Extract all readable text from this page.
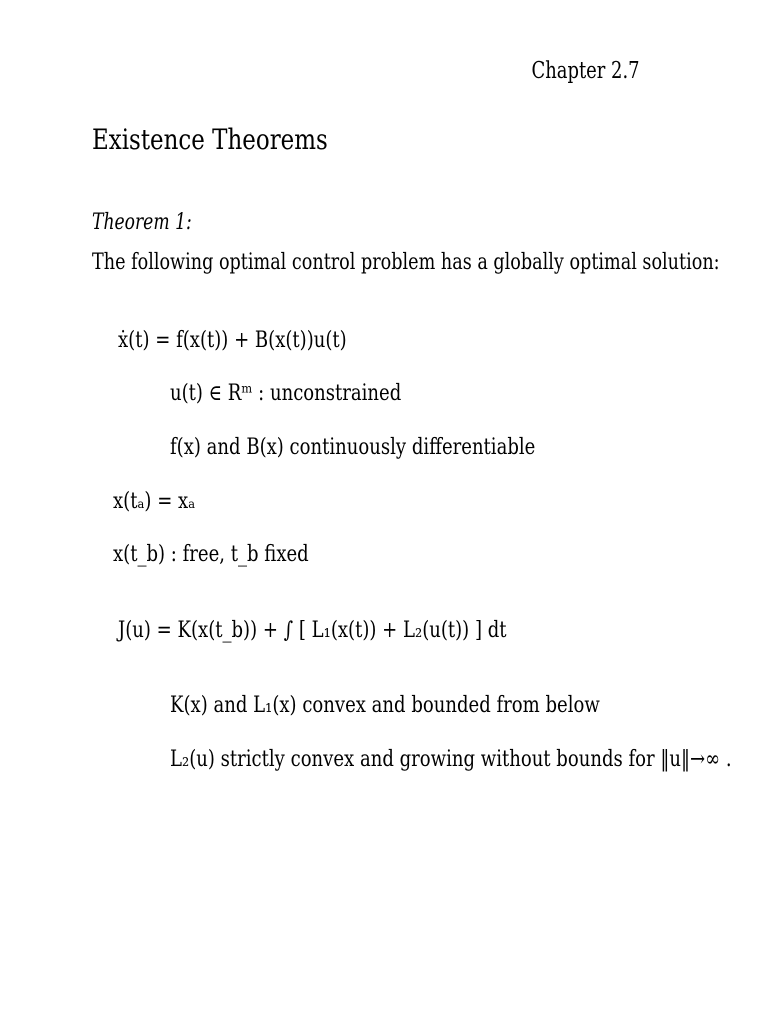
Chapter 2.7
Existence Theorems
Theorem 1:
The following optimal control problem has a globally optimal solution:
ẋ(t) = f(x(t)) + B(x(t))u(t)
u(t) ∈ Rᵐ : unconstrained
f(x) and B(x) continuously differentiable
x(tₐ) = xₐ
x(t_b) : free, t_b fixed
J(u) = K(x(t_b)) + ∫ [ L₁(x(t)) + L₂(u(t)) ] dt
K(x) and L₁(x) convex and bounded from below
L₂(u) strictly convex and growing without bounds for ‖u‖→∞ .
